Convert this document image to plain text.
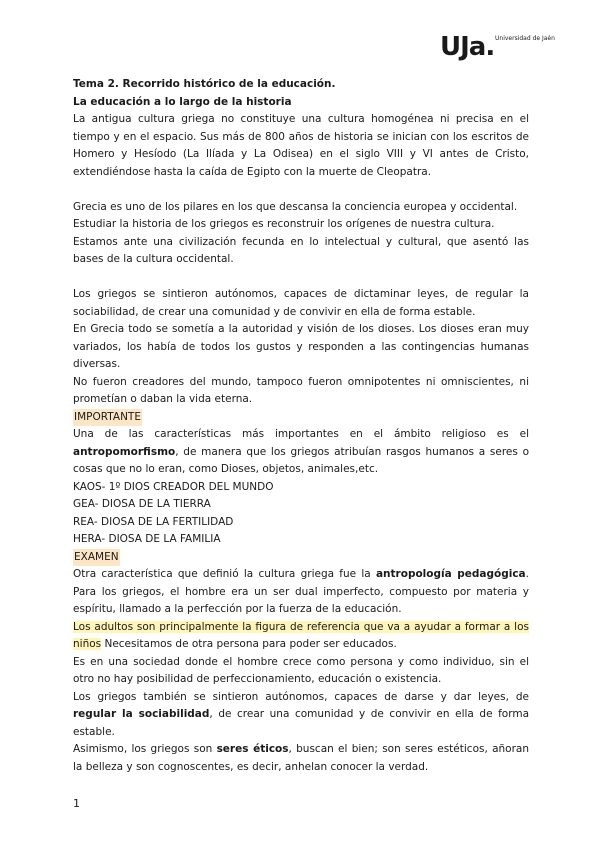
UJa. Universidad de Jaén

Tema 2. Recorrido histórico de la educación.

La educación a lo largo de la historia

La antigua cultura griega no constituye una cultura homogénea ni precisa en el tiempo y en el espacio. Sus más de 800 años de historia se inician con los escritos de Homero y Hesíodo (La Ilíada y La Odisea) en el siglo VIII y VI antes de Cristo, extendiéndose hasta la caída de Egipto con la muerte de Cleopatra.

Grecia es uno de los pilares en los que descansa la conciencia europea y occidental.

Estudiar la historia de los griegos es reconstruir los orígenes de nuestra cultura.

Estamos ante una civilización fecunda en lo intelectual y cultural, que asentó las bases de la cultura occidental.

Los griegos se sintieron autónomos, capaces de dictaminar leyes, de regular la sociabilidad, de crear una comunidad y de convivir en ella de forma estable.

En Grecia todo se sometía a la autoridad y visión de los dioses. Los dioses eran muy variados, los había de todos los gustos y responden a las contingencias humanas diversas.

No fueron creadores del mundo, tampoco fueron omnipotentes ni omniscientes, ni prometían o daban la vida eterna.

IMPORTANTE

Una de las características más importantes en el ámbito religioso es el antropomorfismo, de manera que los griegos atribuían rasgos humanos a seres o cosas que no lo eran, como Dioses, objetos, animales,etc.

KAOS- 1º DIOS CREADOR DEL MUNDO

GEA- DIOSA DE LA TIERRA

REA- DIOSA DE LA FERTILIDAD

HERA- DIOSA DE LA FAMILIA

EXAMEN

Otra característica que definió la cultura griega fue la antropología pedagógica. Para los griegos, el hombre era un ser dual imperfecto, compuesto por materia y espíritu, llamado a la perfección por la fuerza de la educación.

Los adultos son principalmente la figura de referencia que va a ayudar a formar a los niños Necesitamos de otra persona para poder ser educados.

Es en una sociedad donde el hombre crece como persona y como individuo, sin el otro no hay posibilidad de perfeccionamiento, educación o existencia.

Los griegos también se sintieron autónomos, capaces de darse y dar leyes, de regular la sociabilidad, de crear una comunidad y de convivir en ella de forma estable.

Asimismo, los griegos son seres éticos, buscan el bien; son seres estéticos, añoran la belleza y son cognoscentes, es decir, anhelan conocer la verdad.

1
